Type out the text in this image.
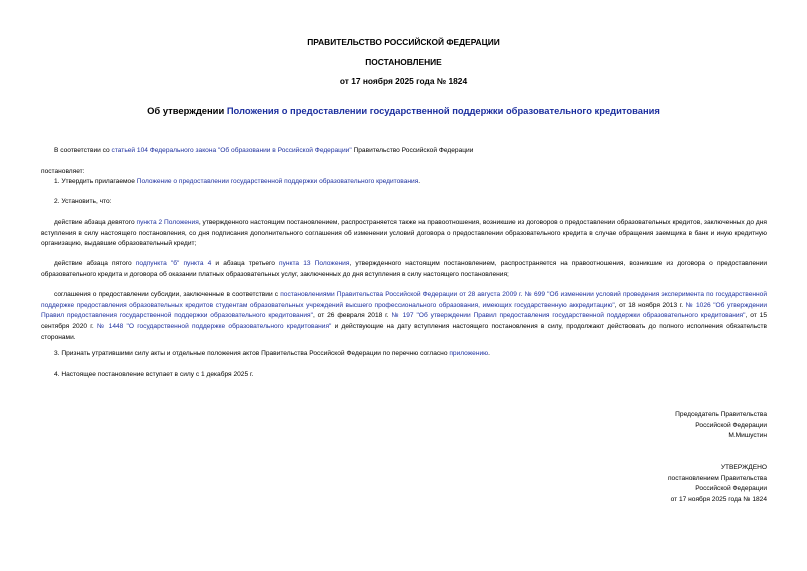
ПРАВИТЕЛЬСТВО РОССИЙСКОЙ ФЕДЕРАЦИИ
ПОСТАНОВЛЕНИЕ
от 17 ноября 2025 года № 1824
Об утверждении Положения о предоставлении государственной поддержки образовательного кредитования
В соответствии со статьей 104 Федерального закона "Об образовании в Российской Федерации" Правительство Российской Федерации
постановляет:
1. Утвердить прилагаемое Положение о предоставлении государственной поддержки образовательного кредитования.
2. Установить, что:
действие абзаца девятого пункта 2 Положения, утвержденного настоящим постановлением, распространяется также на правоотношения, возникшие из договоров о предоставлении образовательных кредитов, заключенных до дня вступления в силу настоящего постановления, со дня подписания дополнительного соглашения об изменении условий договора о предоставлении образовательного кредита в случае обращения заемщика в банк и иную кредитную организацию, выдавшие образовательный кредит;
действие абзаца пятого подпункта "б" пункта 4 и абзаца третьего пункта 13 Положения, утвержденного настоящим постановлением, распространяется на правоотношения, возникшие из договора о предоставлении образовательного кредита и договора об оказании платных образовательных услуг, заключенных до дня вступления в силу настоящего постановления;
соглашения о предоставлении субсидии, заключенные в соответствии с постановлениями Правительства Российской Федерации от 28 августа 2009 г. № 699 "Об изменении условий проведения эксперимента по государственной поддержке предоставления образовательных кредитов студентам образовательных учреждений высшего профессионального образования, имеющих государственную аккредитацию", от 18 ноября 2013 г. № 1026 "Об утверждении Правил предоставления государственной поддержки образовательного кредитования", от 26 февраля 2018 г. № 197 "Об утверждении Правил предоставления государственной поддержки образовательного кредитования", от 15 сентября 2020 г. № 1448 "О государственной поддержке образовательного кредитования" и действующие на дату вступления настоящего постановления в силу, продолжают действовать до полного исполнения обязательств сторонами.
3. Признать утратившими силу акты и отдельные положения актов Правительства Российской Федерации по перечню согласно приложению.
4. Настоящее постановление вступает в силу с 1 декабря 2025 г.
Председатель Правительства
Российской Федерации
М.Мишустин
УТВЕРЖДЕНО
постановлением Правительства
Российской Федерации
от 17 ноября 2025 года № 1824
